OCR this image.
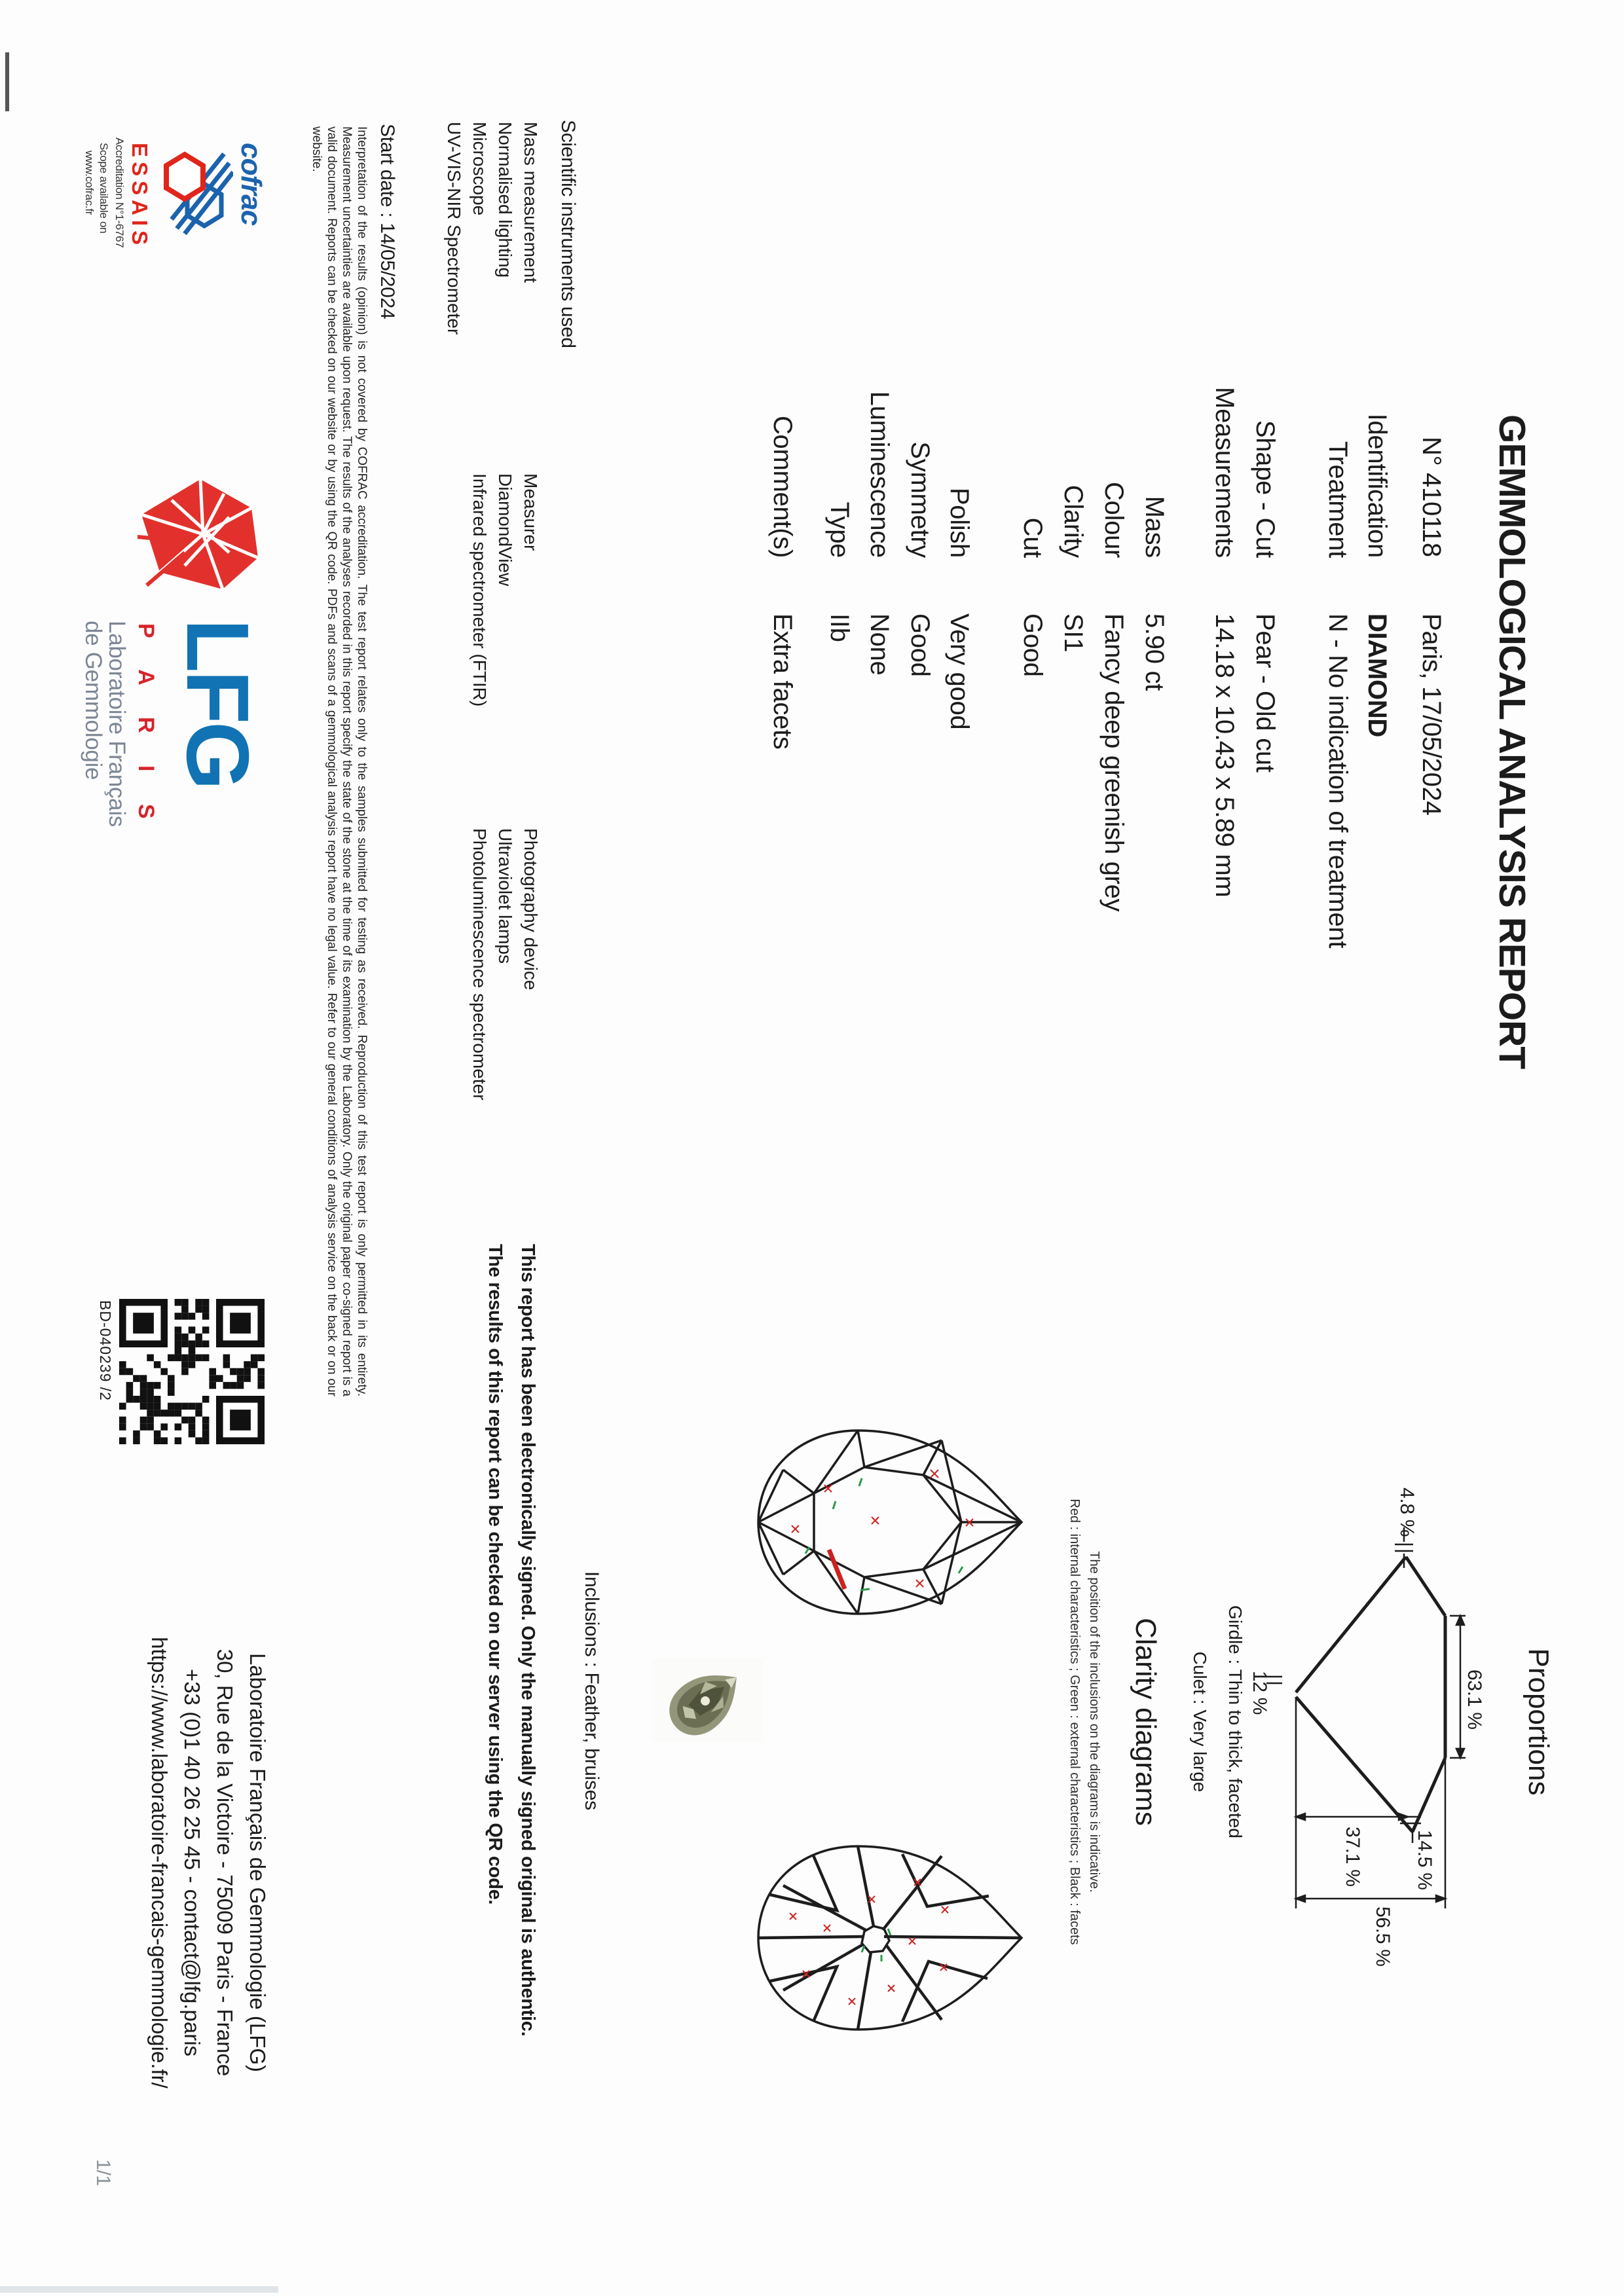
GEMMOLOGICAL ANALYSIS REPORT
N° 410118
Paris, 17/05/2024
Identification
DIAMOND
Treatment
N - No indication of treatment
Shape - Cut
Pear - Old cut
Measurements
14.18 x 10.43 x 5.89 mm
Mass
5.90 ct
Colour
Fancy deep greenish grey
Clarity
SI1
Cut
Good
Polish
Very good
Symmetry
Good
Luminescence
None
Type
IIb
Comment(s)
Extra facets
Scientific instruments used
Mass measurement
Normalised lighting
Microscope
UV-VIS-NIR Spectrometer
Measurer
DiamondView
Infrared spectrometer (FTIR)
Photography device
Ultraviolet lamps
Photoluminescence spectrometer
Start date : 14/05/2024
Interpretation of the results (opinion) is not covered by COFRAC accreditation. The test report relates only to the samples submitted for testing as received. Reproduction of this test report is only permitted in its entirety. Measurement uncertainties are available upon request. The results of the analyses recorded in this report specify the state of the stone at the time of its examination by the Laboratory. Only the original paper co-signed report is a valid document. Reports can be checked on our website or by using the QR code. PDFs and scans of a gemmological analysis report have no legal value. Refer to our general conditions of analysis service on the back or on our website.
This report has been electronically signed. Only the manually signed original is authentic.
The results of this report can be checked on our server using the QR code.	Proportions
4.8 %
63.1 %
14.5 %
12 %
37.1 %
56.5 %
Girdle : Thin to thick, faceted
Culet : Very large
Clarity diagrams
The position of the inclusions on the diagrams is indicative.
Red : internal characteristics ; Green : external characteristics ; Black : facets
Inclusions : Feather, bruises
BD-040239 /2
cofrac
ESSAIS
Accreditation N°1-6767
Scope available on
www.cofrac.fr
LFG
P A R I S
Laboratoire Français
de Gemmologie
Laboratoire Français de Gemmologie (LFG)
30, Rue de la Victoire - 75009 Paris - France
+33 (0)1 40 26 25 45 - contact@lfg.paris
https://www.laboratoire-francais-gemmologie.fr/
1/1
